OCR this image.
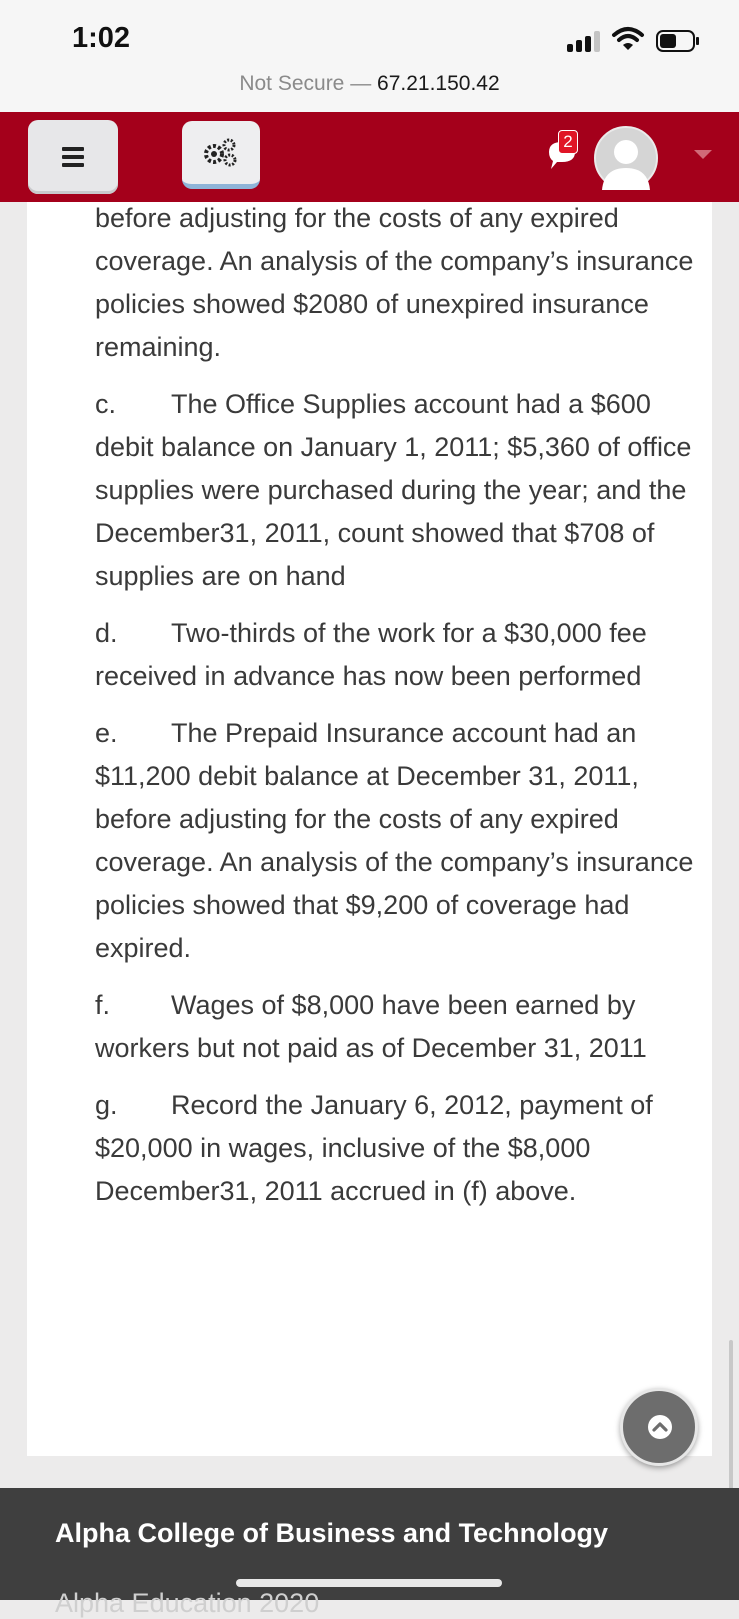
1:02
Not Secure — 67.21.150.42
2
before adjusting for the costs of any expired coverage. An analysis of the company’s insurance policies showed $2080 of unexpired insurance remaining.
c. The Office Supplies account had a $600 debit balance on January 1, 2011; $5,360 of office supplies were purchased during the year; and the December31, 2011, count showed that $708 of supplies are on hand
d. Two-thirds of the work for a $30,000 fee received in advance has now been performed
e. The Prepaid Insurance account had an $11,200 debit balance at December 31, 2011, before adjusting for the costs of any expired coverage. An analysis of the company’s insurance policies showed that $9,200 of coverage had expired.
f. Wages of $8,000 have been earned by workers but not paid as of December 31, 2011
g. Record the January 6, 2012, payment of $20,000 in wages, inclusive of the $8,000 December31, 2011 accrued in (f) above.
Alpha College of Business and Technology
Alpha Education 2020
